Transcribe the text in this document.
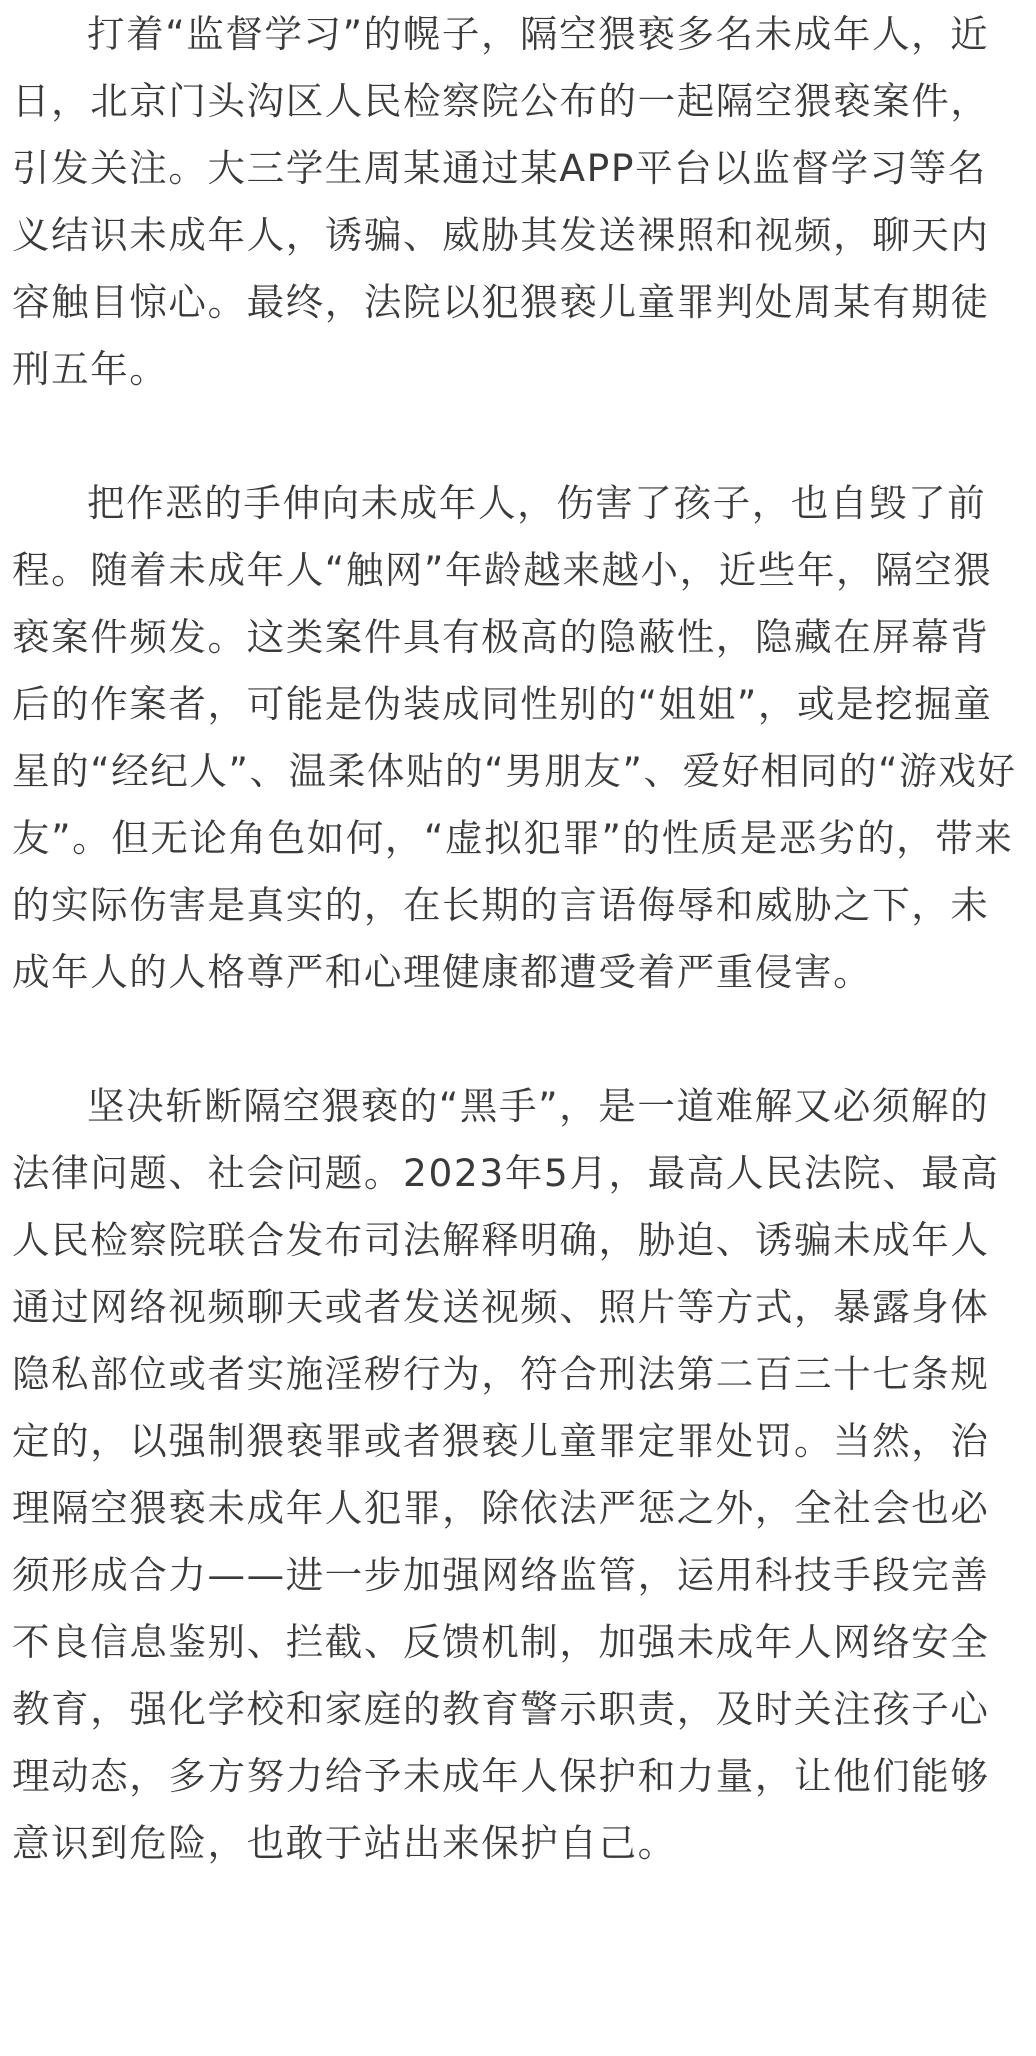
打着“监督学习”的幌子，隔空猥亵多名未成年人，近日，北京门头沟区人民检察院公布的一起隔空猥亵案件，引发关注。大三学生周某通过某APP平台以监督学习等名义结识未成年人，诱骗、威胁其发送裸照和视频，聊天内容触目惊心。最终，法院以犯猥亵儿童罪判处周某有期徒刑五年。

把作恶的手伸向未成年人，伤害了孩子，也自毁了前程。随着未成年人“触网”年龄越来越小，近些年，隔空猥亵案件频发。这类案件具有极高的隐蔽性，隐藏在屏幕背后的作案者，可能是伪装成同性别的“姐姐”，或是挖掘童星的“经纪人”、温柔体贴的“男朋友”、爱好相同的“游戏好友”。但无论角色如何，“虚拟犯罪”的性质是恶劣的，带来的实际伤害是真实的，在长期的言语侮辱和威胁之下，未成年人的人格尊严和心理健康都遭受着严重侵害。

坚决斩断隔空猥亵的“黑手”，是一道难解又必须解的法律问题、社会问题。2023年5月，最高人民法院、最高人民检察院联合发布司法解释明确，胁迫、诱骗未成年人通过网络视频聊天或者发送视频、照片等方式，暴露身体隐私部位或者实施淫秽行为，符合刑法第二百三十七条规定的，以强制猥亵罪或者猥亵儿童罪定罪处罚。当然，治理隔空猥亵未成年人犯罪，除依法严惩之外，全社会也必须形成合力——进一步加强网络监管，运用科技手段完善不良信息鉴别、拦截、反馈机制，加强未成年人网络安全教育，强化学校和家庭的教育警示职责，及时关注孩子心理动态，多方努力给予未成年人保护和力量，让他们能够意识到危险，也敢于站出来保护自己。
